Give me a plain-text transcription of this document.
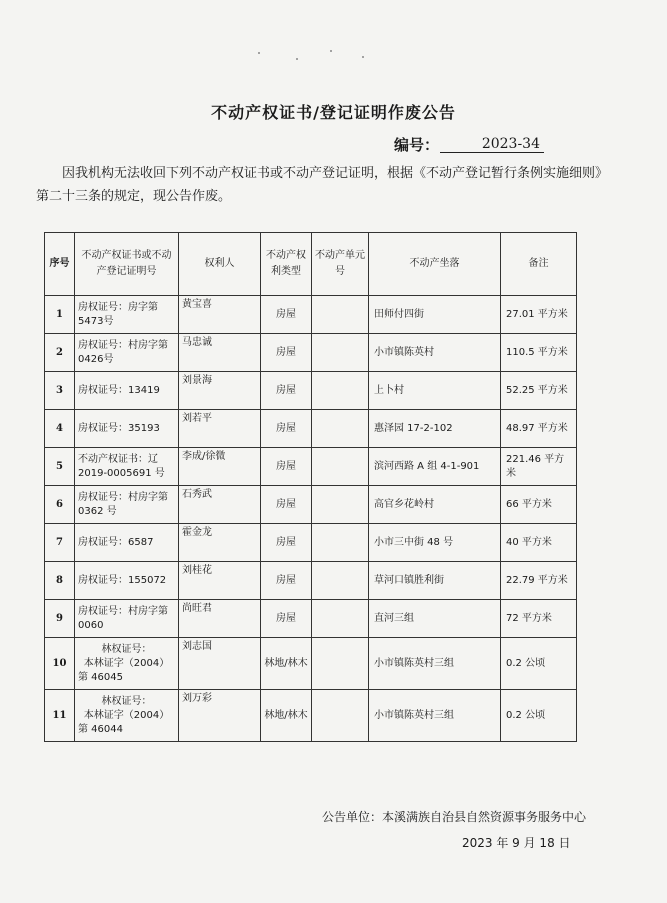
不动产权证书/登记证明作废公告
编号：	2023-34
因我机构无法收回下列不动产权证书或不动产登记证明，根据《不动产登记暂行条例实施细则》第二十三条的规定，现公告作废。
序号	不动产权证书或不动产登记证明号	权利人	不动产权利类型	不动产单元号	不动产坐落	备注
1	房权证号：房字第5473号	黄宝喜	房屋		田师付四街	27.01 平方米
2	房权证号：村房字第0426号	马忠诚	房屋		小市镇陈英村	110.5 平方米
3	房权证号：13419	刘景海	房屋		上卜村	52.25 平方米
4	房权证号：35193	刘若平	房屋		惠泽园 17-2-102	48.97 平方米
5	不动产权证书：辽2019-0005691 号	李成/徐微	房屋		滨河西路 A 组 4-1-901	221.46 平方米
6	房权证号：村房字第0362 号	石秀武	房屋		高官乡花岭村	66 平方米
7	房权证号：6587	霍金龙	房屋		小市三中街 48 号	40 平方米
8	房权证号：155072	刘桂花	房屋		草河口镇胜利街	22.79 平方米
9	房权证号：村房字第0060	尚旺君	房屋		直河三组	72 平方米
10	林权证号：
本林证字（2004）
第 46045	刘志国	林地/林木		小市镇陈英村三组	0.2 公顷
11	林权证号：
本林证字（2004）
第 46044	刘万彩	林地/林木		小市镇陈英村三组	0.2 公顷
公告单位：本溪满族自治县自然资源事务服务中心
2023 年 9 月 18 日
